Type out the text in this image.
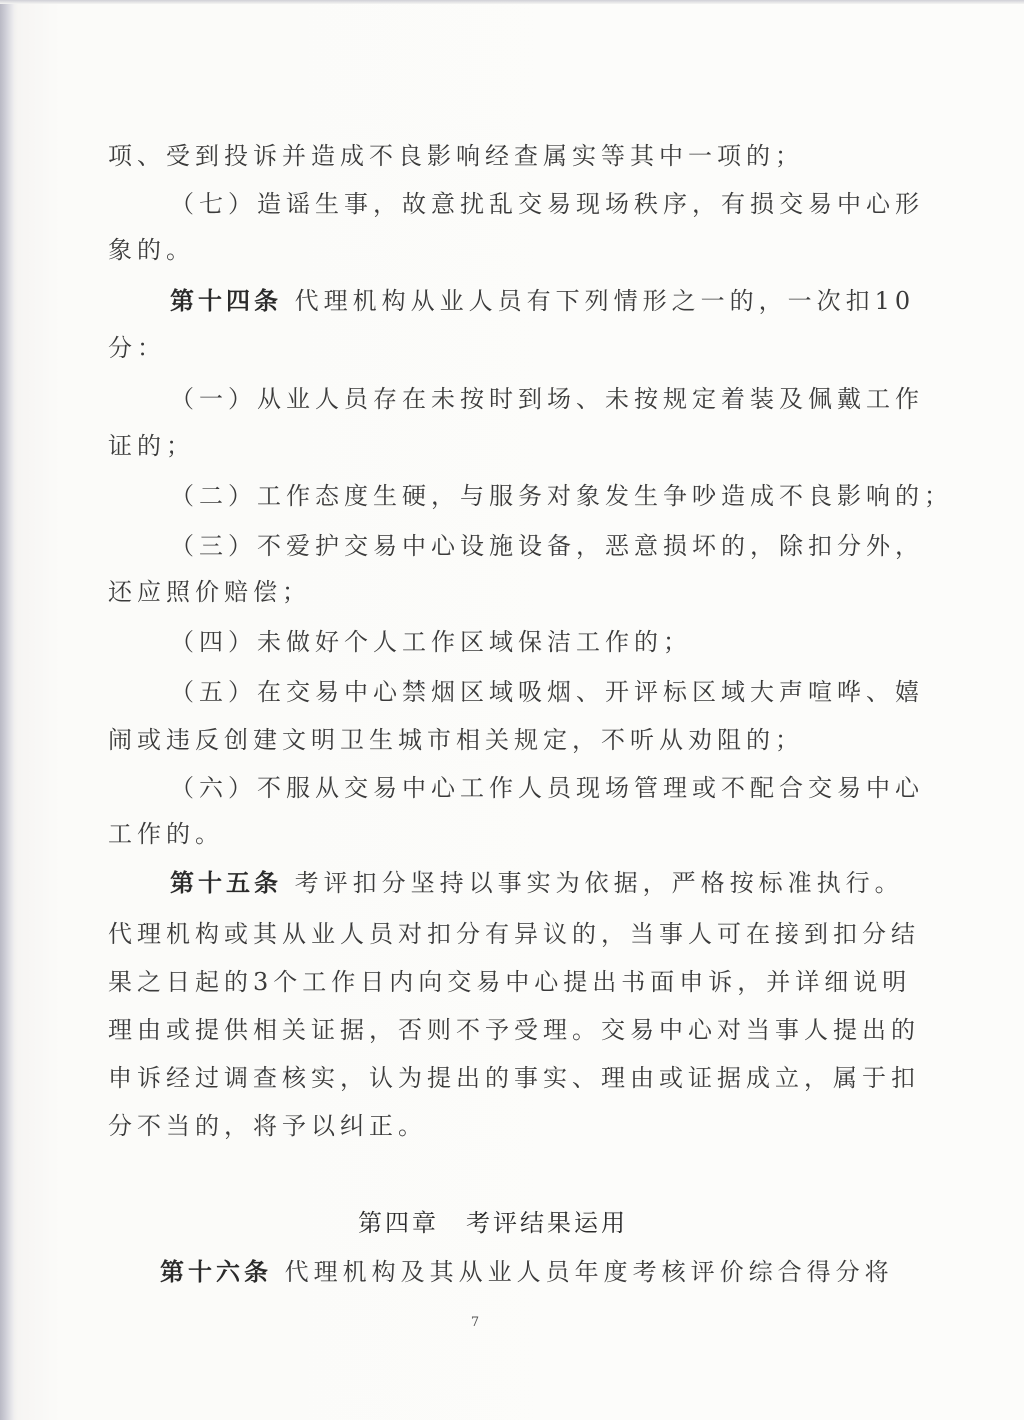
项、受到投诉并造成不良影响经查属实等其中一项的；
（七）造谣生事，故意扰乱交易现场秩序，有损交易中心形
象的。
第十四条 代理机构从业人员有下列情形之一的，一次扣10
分：
（一）从业人员存在未按时到场、未按规定着装及佩戴工作
证的；
（二）工作态度生硬，与服务对象发生争吵造成不良影响的；
（三）不爱护交易中心设施设备，恶意损坏的，除扣分外，
还应照价赔偿；
（四）未做好个人工作区域保洁工作的；
（五）在交易中心禁烟区域吸烟、开评标区域大声喧哗、嬉
闹或违反创建文明卫生城市相关规定，不听从劝阻的；
（六）不服从交易中心工作人员现场管理或不配合交易中心
工作的。
第十五条 考评扣分坚持以事实为依据，严格按标准执行。
代理机构或其从业人员对扣分有异议的，当事人可在接到扣分结
果之日起的3个工作日内向交易中心提出书面申诉，并详细说明
理由或提供相关证据，否则不予受理。交易中心对当事人提出的
申诉经过调查核实，认为提出的事实、理由或证据成立，属于扣
分不当的，将予以纠正。
第四章　考评结果运用
第十六条 代理机构及其从业人员年度考核评价综合得分将
7
